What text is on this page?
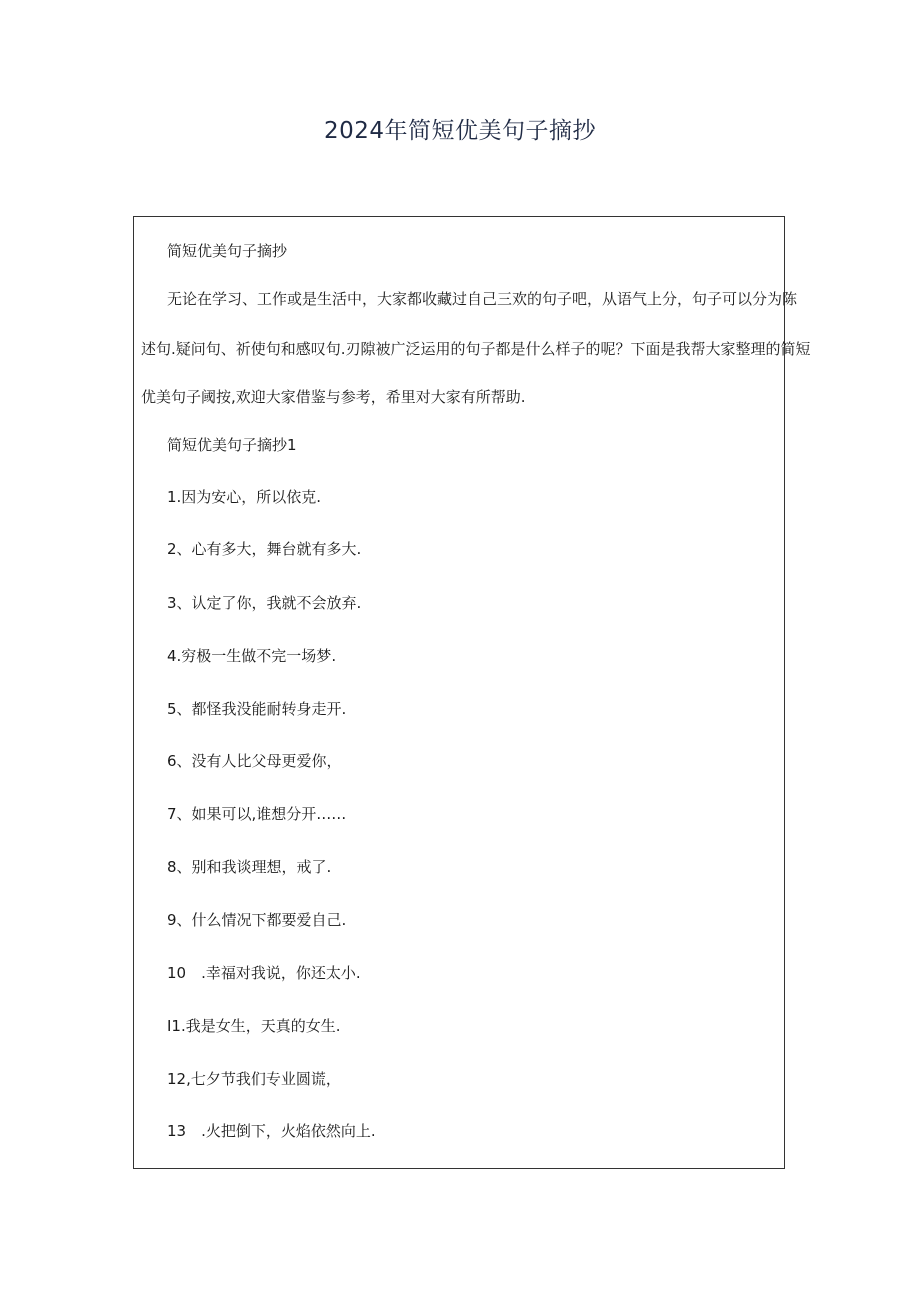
2024年简短优美句子摘抄
简短优美句子摘抄
无论在学习、工作或是生活中，大家都收藏过自己三欢的句子吧，从语气上分，句子可以分为陈
述句.疑问句、祈使句和感叹句.刃隙被广泛运用的句子都是什么样子的呢？下面是我帮大家整理的简短
优美句子阈按,欢迎大家借鉴与参考，希里对大家有所帮助.
简短优美句子摘抄1
1.因为安心，所以依克.
2、心有多大，舞台就有多大.
3、认定了你，我就不会放弃.
4.穷极一生做不完一场梦.
5、都怪我没能耐转身走开.
6、没有人比父母更爱你，
7、如果可以,谁想分开……
8、别和我谈理想，戒了.
9、什么情况下都要爱自己.
10　.幸福对我说，你还太小.
I1.我是女生，天真的女生.
12,七夕节我们专业圆谎，
13　.火把倒下，火焰依然向上.
